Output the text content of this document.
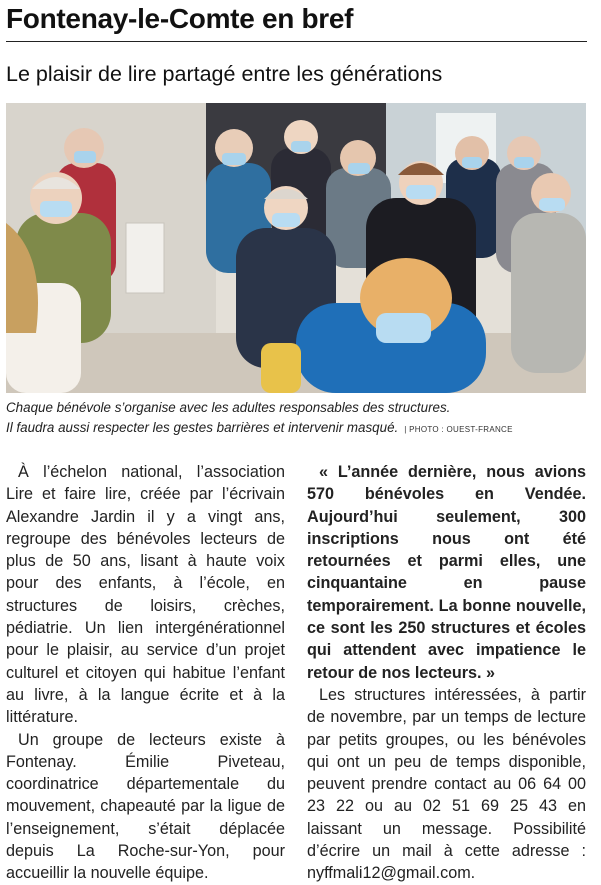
Fontenay-le-Comte en bref
Le plaisir de lire partagé entre les générations
Chaque bénévole s’organise avec les adultes responsables des structures.
Il faudra aussi respecter les gestes barrières et intervenir masqué. | PHOTO : OUEST-FRANCE

À l’échelon national, l’association Lire et faire lire, créée par l’écrivain Alexandre Jardin il y a vingt ans, regroupe des bénévoles lecteurs de plus de 50 ans, lisant à haute voix pour des enfants, à l’école, en structures de loisirs, crèches, pédiatrie. Un lien intergénérationnel pour le plaisir, au service d’un projet culturel et citoyen qui habitue l’enfant au livre, à la langue écrite et à la littérature.

Un groupe de lecteurs existe à Fontenay. Émilie Piveteau, coordinatrice départementale du mouvement, chapeauté par la ligue de l’enseignement, s’était déplacée depuis La Roche-sur-Yon, pour accueillir la nouvelle équipe.

« L’année dernière, nous avions 570 bénévoles en Vendée. Aujourd’hui seulement, 300 inscriptions nous ont été retournées et parmi elles, une cinquantaine en pause temporairement. La bonne nouvelle, ce sont les 250 structures et écoles qui attendent avec impatience le retour de nos lecteurs. »

Les structures intéressées, à partir de novembre, par un temps de lecture par petits groupes, ou les bénévoles qui ont un peu de temps disponible, peuvent prendre contact au 06 64 00 23 22 ou au 02 51 69 25 43 en laissant un message. Possibilité d’écrire un mail à cette adresse : nyffmali12@gmail.com.
